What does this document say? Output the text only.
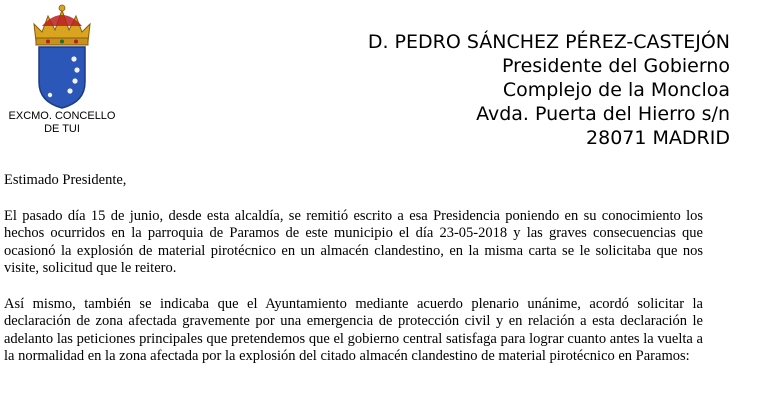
EXCMO. CONCELLO
DE TUI
D. PEDRO SÁNCHEZ PÉREZ-CASTEJÓN
Presidente del Gobierno
Complejo de la Moncloa
Avda. Puerta del Hierro s/n
28071 MADRID

Estimado Presidente,

El pasado día 15 de junio, desde esta alcaldía, se remitió escrito a esa Presidencia poniendo en su conocimiento los hechos ocurridos en la parroquia de Paramos de este municipio el día 23-05-2018 y las graves consecuencias que ocasionó la explosión de material pirotécnico en un almacén clandestino, en la misma carta se le solicitaba que nos visite, solicitud que le reitero.

Así mismo, también se indicaba que el Ayuntamiento mediante acuerdo plenario unánime, acordó solicitar la declaración de zona afectada gravemente por una emergencia de protección civil y en relación a esta declaración le adelanto las peticiones principales que pretendemos que el gobierno central satisfaga para lograr cuanto antes la vuelta a la normalidad en la zona afectada por la explosión del citado almacén clandestino de material pirotécnico en Paramos:
